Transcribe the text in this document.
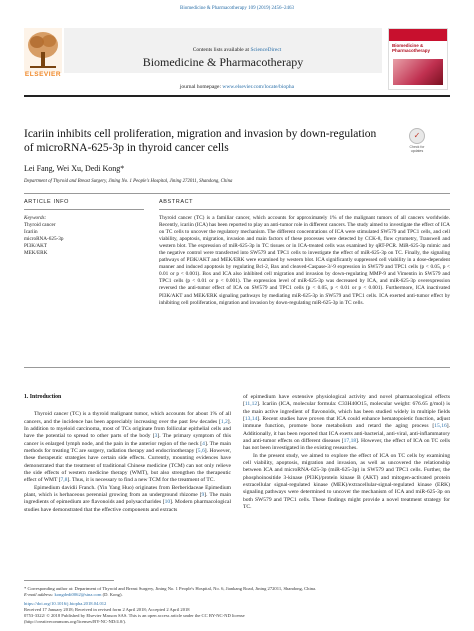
Biomedicine & Pharmacotherapy 109 (2019) 2456–2463
Contents lists available at ScienceDirect
Biomedicine & Pharmacotherapy
journal homepage: www.elsevier.com/locate/biopha
ELSEVIER
Biomedicine & Pharmacotherapy
Icariin inhibits cell proliferation, migration and invasion by down-regulation of microRNA-625-3p in thyroid cancer cells
✓
Check for updates
Lei Fang, Wei Xu, Dedi Kong*
Department of Thyroid and Breast Surgery, Jining No. 1 People's Hospital, Jining 272011, Shandong, China
ARTICLE INFO	ABSTRACT
Keywords:
Thyroid cancer
Icariin
microRNA-625-3p
PI3K/AKT
MEK/ERK
Thyroid cancer (TC) is a familiar cancer, which accounts for approximately 1% of the malignant tumors of all cancers worldwide. Recently, icariin (ICA) has been reported to play an anti-tumor role in different cancers. The study aimed to investigate the effect of ICA on TC cells to uncover the regulatory mechanism. The different concentrations of ICA were stimulated SW579 and TPC1 cells, and cell viability, apoptosis, migration, invasion and main factors of these processes were detected by CCK-8, flow cytometry, Transwell and western blot. The expression of miR-625-3p in TC tissues or in ICA-treated cells was examined by qRT-PCR. MiR-625-3p mimic and the negative control were transfected into SW579 and TPC1 cells to investigate the effect of miR-625-3p on TC. Finally, the signaling pathways of PI3K/AKT and MEK/ERK were examined by western blot. ICA significantly suppressed cell viability in a dose-dependent manner and induced apoptosis by regulating Bcl-2, Bax and cleaved-Caspase-3/-9 expression in SW579 and TPC1 cells (p < 0.05, p < 0.01 or p < 0.001). Box and ICA also inhibited cell migration and invasion by down-regulating MMP-9 and Vimentin in SW579 and TPC1 cells (p < 0.01 or p < 0.001). The expression level of miR-625-3p was decreased by ICA, and miR-625-3p overexpression reversed the anti-tumor effect of ICA on SW579 and TPC1 cells (p < 0.05, p < 0.01 or p < 0.001). Furthermore, ICA inactivated PI3K/AKT and MEK/ERK signaling pathways by mediating miR-625-3p in SW579 and TPC1 cells. ICA exerted anti-tumor effect by inhibiting cell proliferation, migration and invasion by down-regulating miR-625-3p in TC cells.

1. Introduction

Thyroid cancer (TC) is a thyroid malignant tumor, which accounts for about 1% of all cancers, and the incidence has been appreciably increasing over the past few decades [1,2]. In addition to myeloid carcinoma, most of TCs originate from follicular epithelial cells and have the potential to spread to other parts of the body [3]. The primary symptom of this cancer is enlarged lymph node, and the pain in the anterior region of the neck [4]. The main methods for treating TC are surgery, radiation therapy and endocrinotherapy [5,6]. However, these therapeutic strategies have certain side effects. Currently, mounting evidences have demonstrated that the treatment of traditional Chinese medicine (TCM) can not only relieve the side effects of western medicine therapy (WMT), but also strengthen the therapeutic effect of WMT [7,8]. Thus, it is necessary to find a new TCM for the treatment of TC.

Epimedium davidii Franch. (Yin Yang Huo) originates from Berberidaceae Epimedium plant, which is herbaceous perennial growing from an underground rhizome [9]. The main ingredients of epimedium are flavonoids and polysaccharides [10]. Modern pharmacological studies have demonstrated that the effective components and extracts

of epimedium have extensive physiological activity and novel pharmacological effects [11,12]. Icariin (ICA, molecular formula: C33H40O15, molecular weight: 676.65 g/mol) is the main active ingredient of flavonoids, which has been studied widely in multiple fields [13,14]. Recent studies have proven that ICA could enhance hematopoietic function, adjust immune function, promote bone metabolism and retard the aging process [15,16]. Additionally, it has been reported that ICA exerts anti-bacterial, anti-viral, anti-inflammatory and anti-tumor effects on different diseases [17,18]. However, the effect of ICA on TC cells has not been investigated in the existing researches.

In the present study, we aimed to explore the effect of ICA on TC cells by examining cell viability, apoptosis, migration and invasion, as well as uncovered the relationship between ICA and microRNA-625-3p (miR-625-3p) in SW579 and TPC1 cells. Further, the phosphoinositide 3-kinase (PI3K)/protein kinase B (AKT) and mitogen-activated protein extracellular signal-regulated kinase (MEK)/extracellular-signal-regulated kinase (ERK) signaling pathways were determined to uncover the mechanism of ICA and miR-625-3p on both SW579 and TPC1 cells. These findings might provide a novel treatment strategy for TC.

* Corresponding author at: Department of Thyroid and Breast Surgery, Jining No. 1 People's Hospital, No. 6, Jiankang Road, Jining 272011, Shandong, China.
E-mail address: kongdedi0062@sina.com (D. Kong).
https://doi.org/10.1016/j.biopha.2018.04.012
Received 17 January 2018; Received in revised form 2 April 2018; Accepted 2 April 2018
0753-3322/ © 2018 Published by Elsevier Masson SAS. This is an open access article under the CC BY-NC-ND license
(http://creativecommons.org/licenses/BY-NC-ND/4.0/).
